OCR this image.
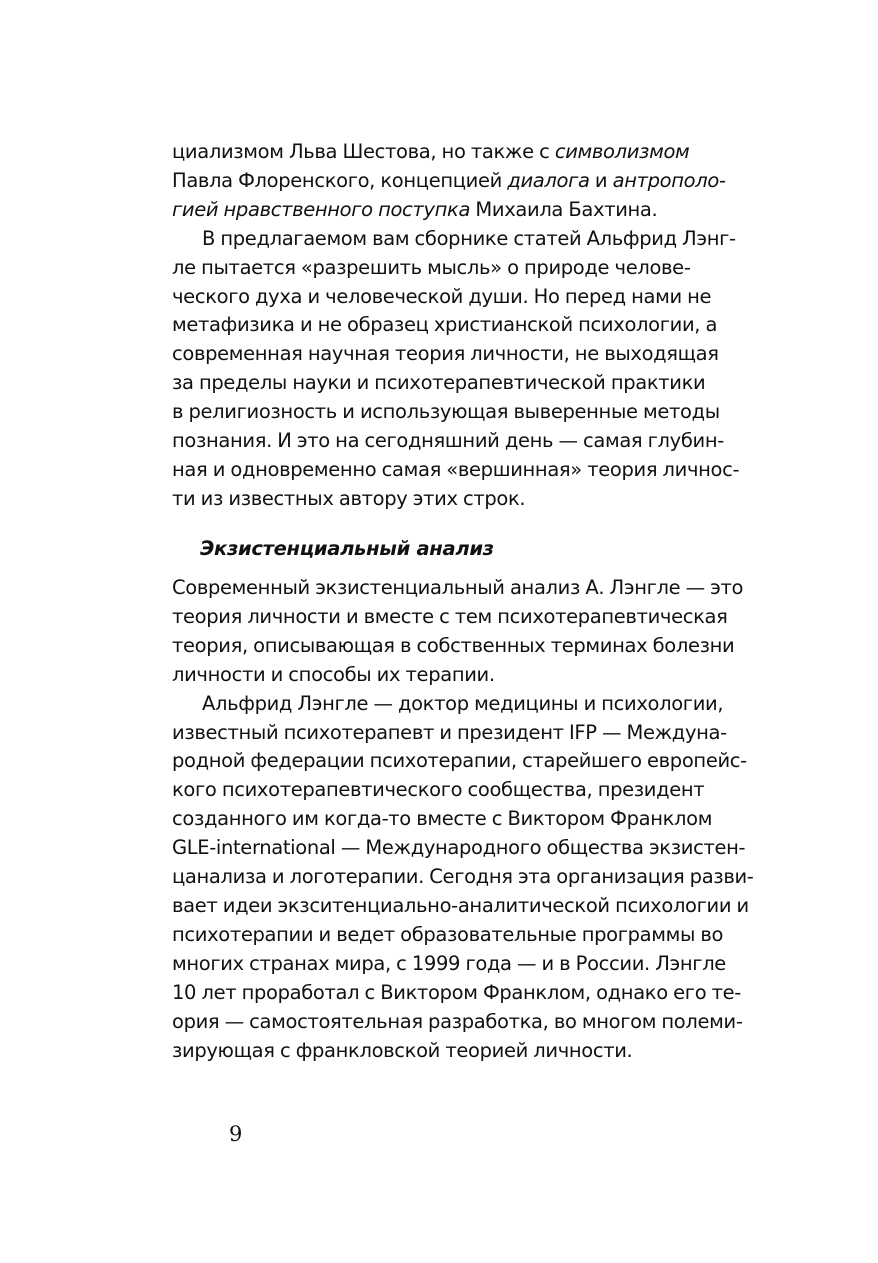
циализмом Льва Шестова, но также с символизмом
Павла Флоренского, концепцией диалога и антрополо-
гией нравственного поступка Михаила Бахтина.
В предлагаемом вам сборнике статей Альфрид Лэнг-
ле пытается «разрешить мысль» о природе челове-
ческого духа и человеческой души. Но перед нами не
метафизика и не образец христианской психологии, а
современная научная теория личности, не выходящая
за пределы науки и психотерапевтической практики
в религиозность и использующая выверенные методы
познания. И это на сегодняшний день — самая глубин-
ная и одновременно самая «вершинная» теория личнос-
ти из известных автору этих строк.
Экзистенциальный анализ
Современный экзистенциальный анализ А. Лэнгле — это
теория личности и вместе с тем психотерапевтическая
теория, описывающая в собственных терминах болезни
личности и способы их терапии.
Альфрид Лэнгле — доктор медицины и психологии,
известный психотерапевт и президент IFP — Междуна-
родной федерации психотерапии, старейшего европейс-
кого психотерапевтического сообщества, президент
созданного им когда-то вместе с Виктором Франклом
GLE-international — Международного общества экзистен-
цанализа и логотерапии. Сегодня эта организация разви-
вает идеи экзситенциально-аналитической психологии и
психотерапии и ведет образовательные программы во
многих странах мира, с 1999 года — и в России. Лэнгле
10 лет проработал с Виктором Франклом, однако его те-
ория — самостоятельная разработка, во многом полеми-
зирующая с франкловской теорией личности.
9
